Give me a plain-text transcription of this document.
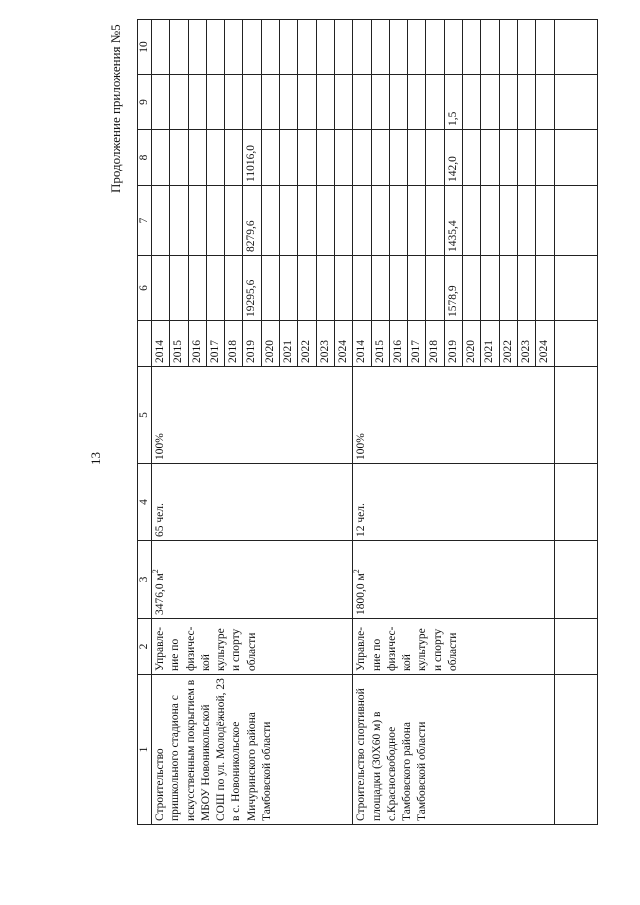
13
Продолжение приложения №5
1	2	3	4	5		6	7	8	9	10
Строительство пришкольного стадиона с искусственным покрытием в МБОУ Новоникольской СОШ по ул. Молодёжной, 23 в с. Новоникольское Мичуринского района Тамбовской области	Управле-ние по физичес-кой культуре и спорту области	3476,0 $м^2$	65 чел.	100%	2014					
					2015					
					2016					
					2017					
					2018					
					2019	19295,6	8279,6	11016,0		
					2020					
					2021					
					2022					
					2023					
					2024					
Строительство спортивной площадки (30Х60 м) в с.Красносвободное Тамбовского района Тамбовской области	Управле-ние по физичес-кой культуре и спорту области	1800,0 $м^2$	12 чел.	100%	2014					
					2015					
					2016					
					2017					
					2018					
					2019	1578,9	1435,4	142,0	1,5	
					2020					
					2021					
					2022					
					2023					
					2024					
